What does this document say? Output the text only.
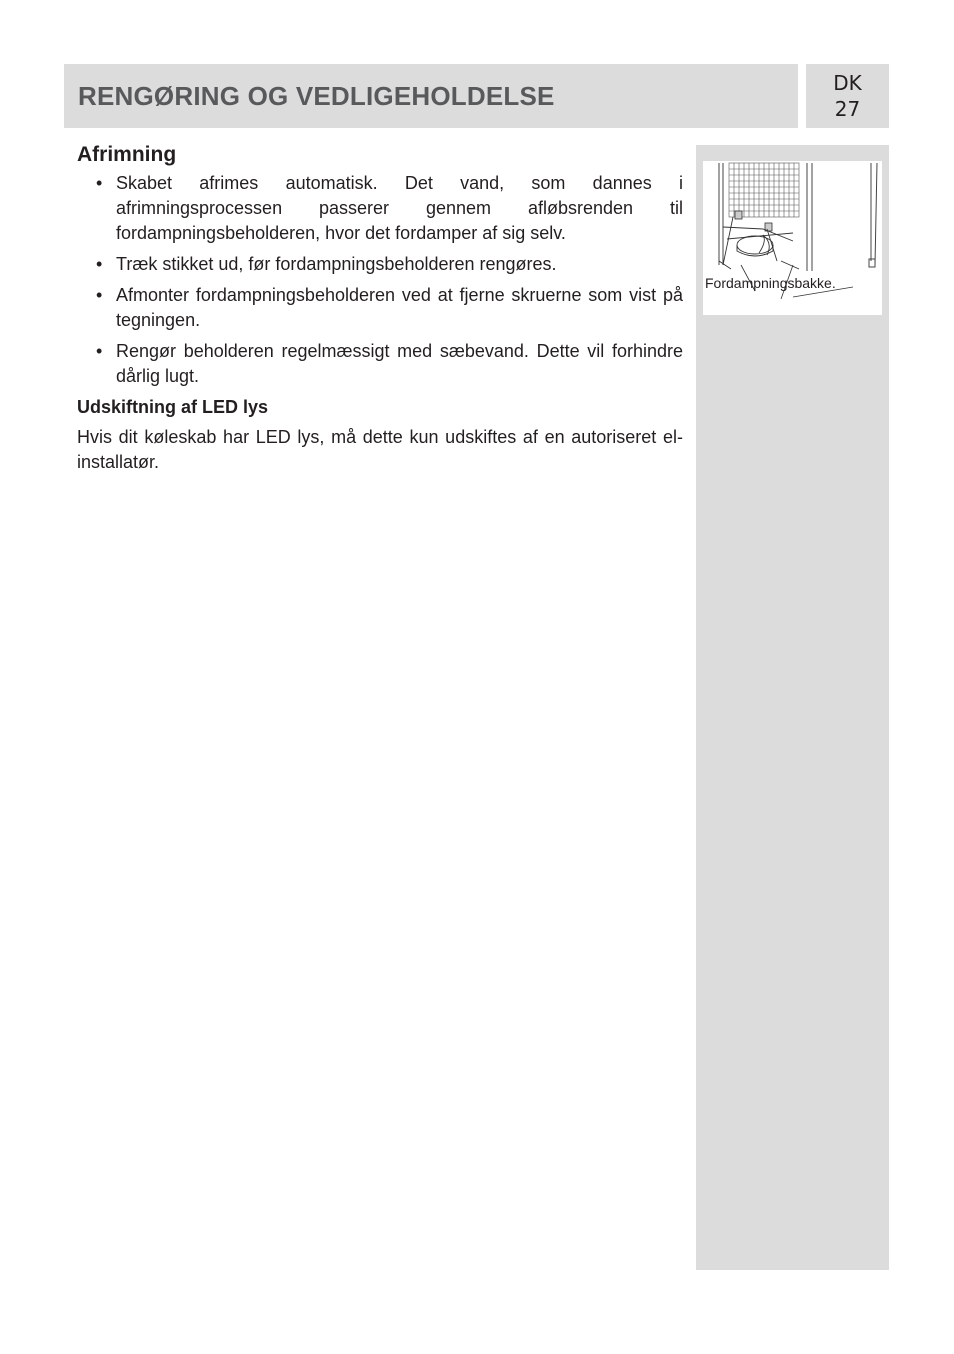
RENGØRING OG VEDLIGEHOLDELSE	DK
27
Fordampningsbakke.
Afrimning
• Skabet afrimes automatisk. Det vand, som dannes i afrimningsprocessen passerer gennem afløbsrenden til fordampningsbeholderen, hvor det fordamper af sig selv.
• Træk stikket ud, før fordampningsbeholderen rengøres.
• Afmonter fordampningsbeholderen ved at fjerne skruerne som vist på tegningen.
• Rengør beholderen regelmæssigt med sæbevand. Dette vil forhindre dårlig lugt.
Udskiftning af LED lys

Hvis dit køleskab har LED lys, må dette kun udskiftes af en autoriseret el-installatør.
